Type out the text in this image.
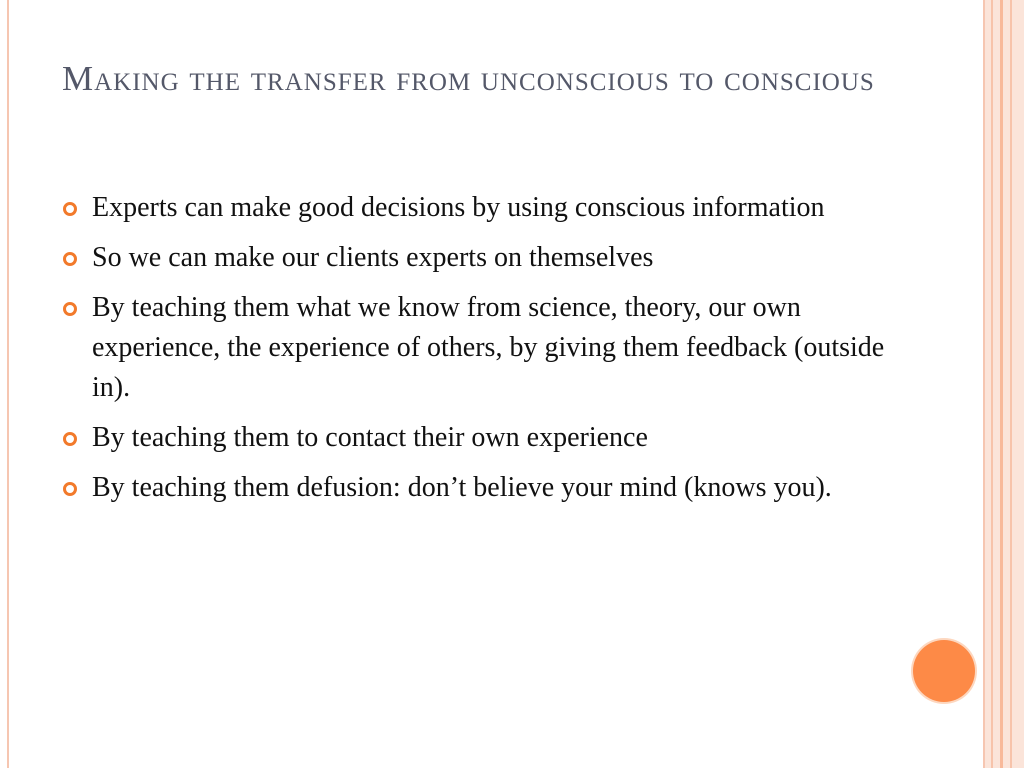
Making the transfer from unconscious to conscious
Experts can make good decisions by using conscious information
So we can make our clients experts on themselves
By teaching them what we know from science, theory, our own experience, the experience of others, by giving them feedback (outside in).
By teaching them to contact their own experience
By teaching them defusion: don’t believe your mind (knows you).
